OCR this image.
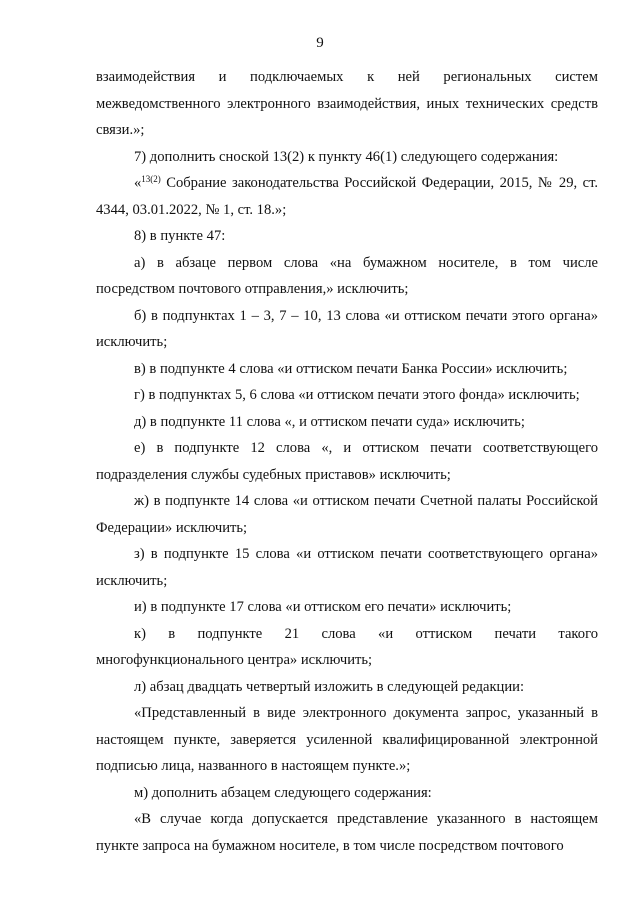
9

взаимодействия и подключаемых к ней региональных систем

межведомственного электронного взаимодействия, иных технических средств связи.»;

7) дополнить сноской 13(2) к пункту 46(1) следующего содержания:

«$^{13(2)}$ Собрание законодательства Российской Федерации, 2015, № 29, ст. 4344, 03.01.2022, № 1, ст. 18.»;

8) в пункте 47:

а) в абзаце первом слова «на бумажном носителе, в том числе посредством почтового отправления,» исключить;

б) в подпунктах 1 – 3, 7 – 10, 13 слова «и оттиском печати этого органа» исключить;

в) в подпункте 4 слова «и оттиском печати Банка России» исключить;

г) в подпунктах 5, 6 слова «и оттиском печати этого фонда» исключить;

д) в подпункте 11 слова «, и оттиском печати суда» исключить;

е) в подпункте 12 слова «, и оттиском печати соответствующего подразделения службы судебных приставов» исключить;

ж) в подпункте 14 слова «и оттиском печати Счетной палаты Российской Федерации» исключить;

з) в подпункте 15 слова «и оттиском печати соответствующего органа» исключить;

и) в подпункте 17 слова «и оттиском его печати» исключить;

к) в подпункте 21 слова «и оттиском печати такого многофункционального центра» исключить;

л) абзац двадцать четвертый изложить в следующей редакции:

«Представленный в виде электронного документа запрос, указанный в настоящем пункте, заверяется усиленной квалифицированной электронной подписью лица, названного в настоящем пункте.»;

м) дополнить абзацем следующего содержания:

«В случае когда допускается представление указанного в настоящем пункте запроса на бумажном носителе, в том числе посредством почтового
